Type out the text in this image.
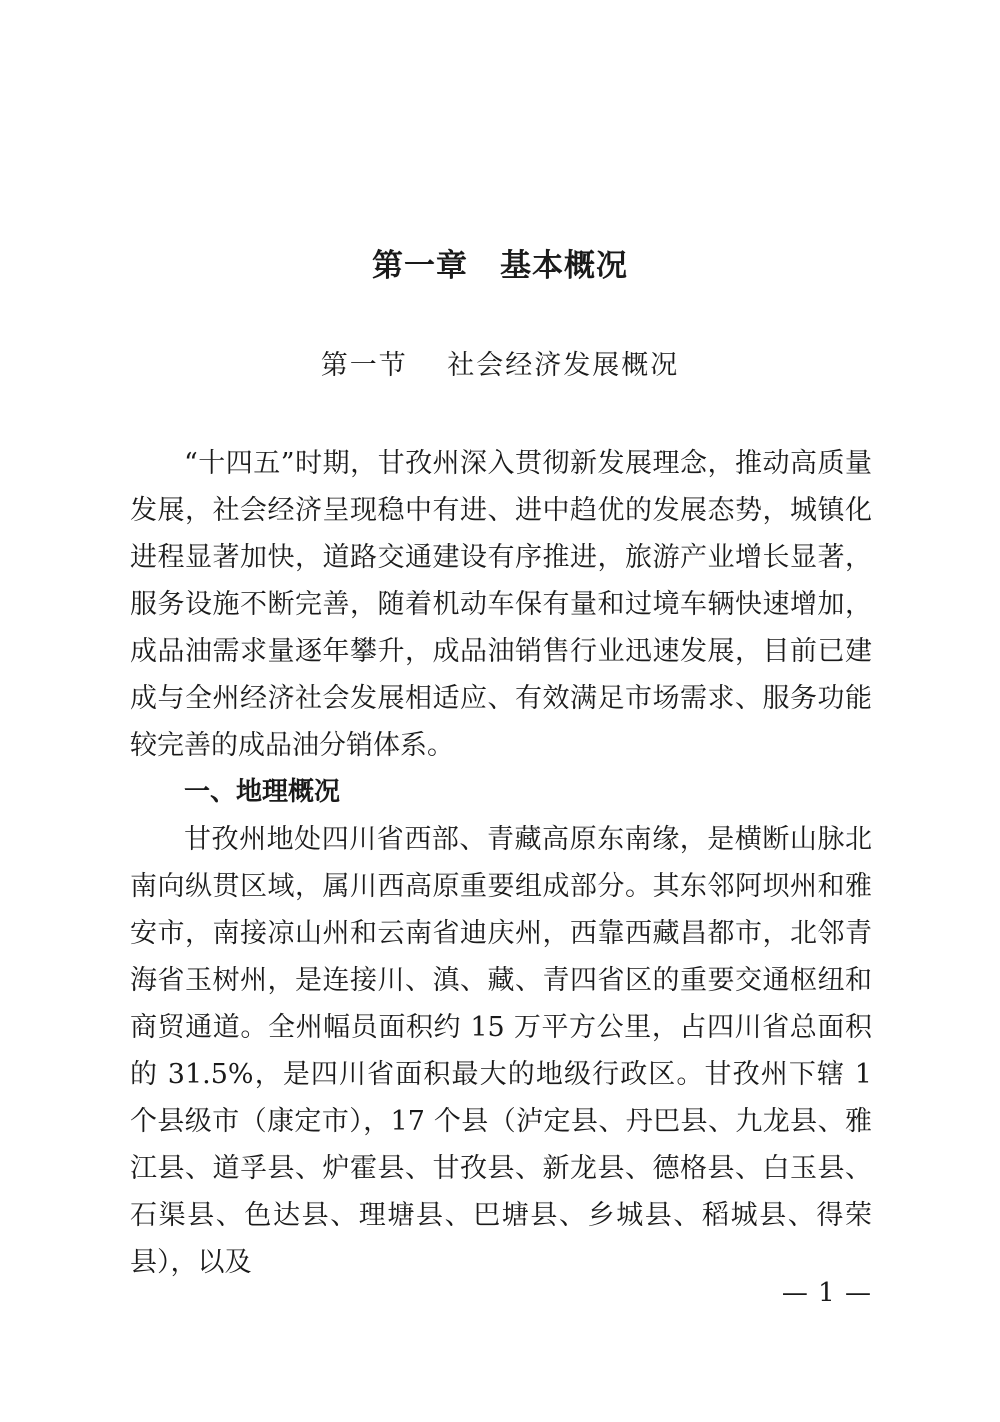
第一章　基本概况
第一节　 社会经济发展概况

“十四五”时期，甘孜州深入贯彻新发展理念，推动高质量发展，社会经济呈现稳中有进、进中趋优的发展态势，城镇化进程显著加快，道路交通建设有序推进，旅游产业增长显著，服务设施不断完善，随着机动车保有量和过境车辆快速增加，成品油需求量逐年攀升，成品油销售行业迅速发展，目前已建成与全州经济社会发展相适应、有效满足市场需求、服务功能较完善的成品油分销体系。

一、地理概况

甘孜州地处四川省西部、青藏高原东南缘，是横断山脉北南向纵贯区域，属川西高原重要组成部分。其东邻阿坝州和雅安市，南接凉山州和云南省迪庆州，西靠西藏昌都市，北邻青海省玉树州，是连接川、滇、藏、青四省区的重要交通枢纽和商贸通道。全州幅员面积约 15 万平方公里，占四川省总面积的 31.5%，是四川省面积最大的地级行政区。甘孜州下辖 1 个县级市（康定市），17 个县（泸定县、丹巴县、九龙县、雅江县、道孚县、炉霍县、甘孜县、新龙县、德格县、白玉县、石渠县、色达县、理塘县、巴塘县、乡城县、稻城县、得荣县），以及

— 1 —
